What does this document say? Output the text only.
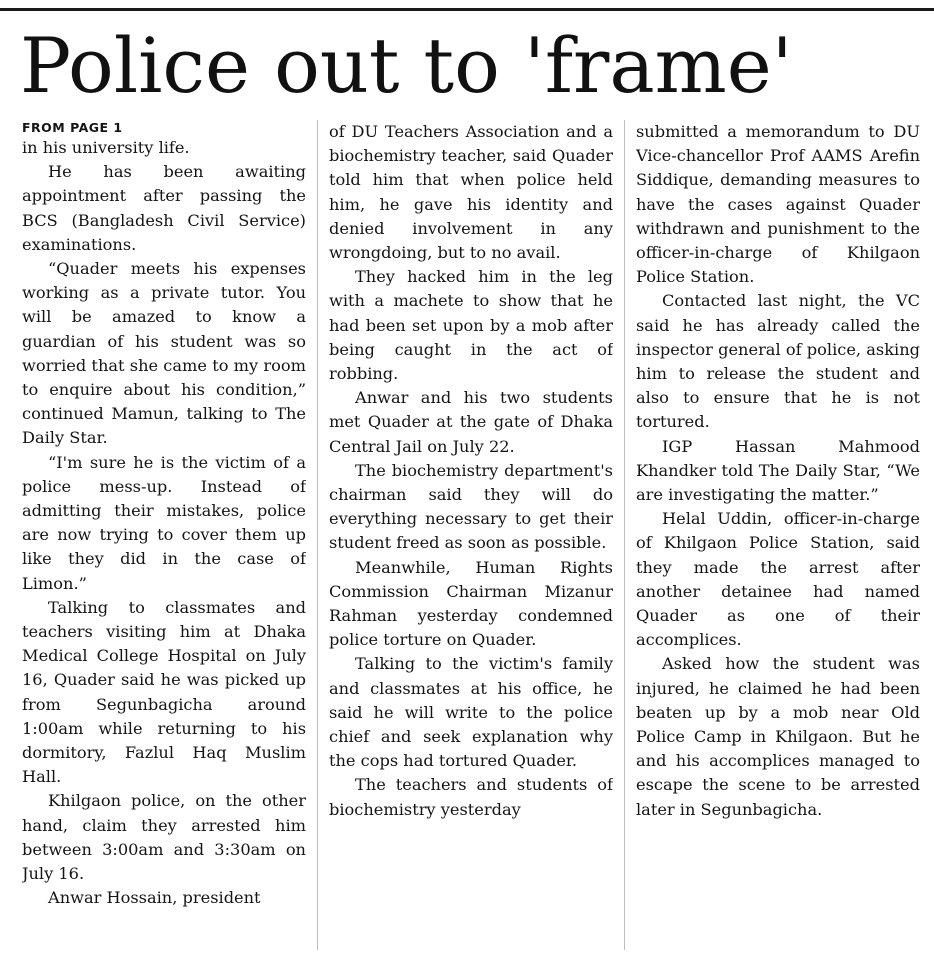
Police out to 'frame'
FROM PAGE 1

in his university life.

He has been awaiting appointment after passing the BCS (Bangladesh Civil Service) examinations.

“Quader meets his expenses working as a private tutor. You will be amazed to know a guardian of his student was so worried that she came to my room to enquire about his condition,” continued Mamun, talking to The Daily Star.

“I'm sure he is the victim of a police mess-up. Instead of admitting their mistakes, police are now trying to cover them up like they did in the case of Limon.”

Talking to classmates and teachers visiting him at Dhaka Medical College Hospital on July 16, Quader said he was picked up from Segunbagicha around 1:00am while returning to his dormitory, Fazlul Haq Muslim Hall.

Khilgaon police, on the other hand, claim they arrested him between 3:00am and 3:30am on July 16.

Anwar Hossain, president

of DU Teachers Association and a biochemistry teacher, said Quader told him that when police held him, he gave his identity and denied involvement in any wrongdoing, but to no avail.

They hacked him in the leg with a machete to show that he had been set upon by a mob after being caught in the act of robbing.

Anwar and his two students met Quader at the gate of Dhaka Central Jail on July 22.

The biochemistry department's chairman said they will do everything necessary to get their student freed as soon as possible.

Meanwhile, Human Rights Commission Chairman Mizanur Rahman yesterday condemned police torture on Quader.

Talking to the victim's family and classmates at his office, he said he will write to the police chief and seek explanation why the cops had tortured Quader.

The teachers and students of biochemistry yesterday

submitted a memorandum to DU Vice-chancellor Prof AAMS Arefin Siddique, demanding measures to have the cases against Quader withdrawn and punishment to the officer-in-charge of Khilgaon Police Station.

Contacted last night, the VC said he has already called the inspector general of police, asking him to release the student and also to ensure that he is not tortured.

IGP Hassan Mahmood Khandker told The Daily Star, “We are investigating the matter.”

Helal Uddin, officer-in-charge of Khilgaon Police Station, said they made the arrest after another detainee had named Quader as one of their accomplices.

Asked how the student was injured, he claimed he had been beaten up by a mob near Old Police Camp in Khilgaon. But he and his accomplices managed to escape the scene to be arrested later in Segunbagicha.
